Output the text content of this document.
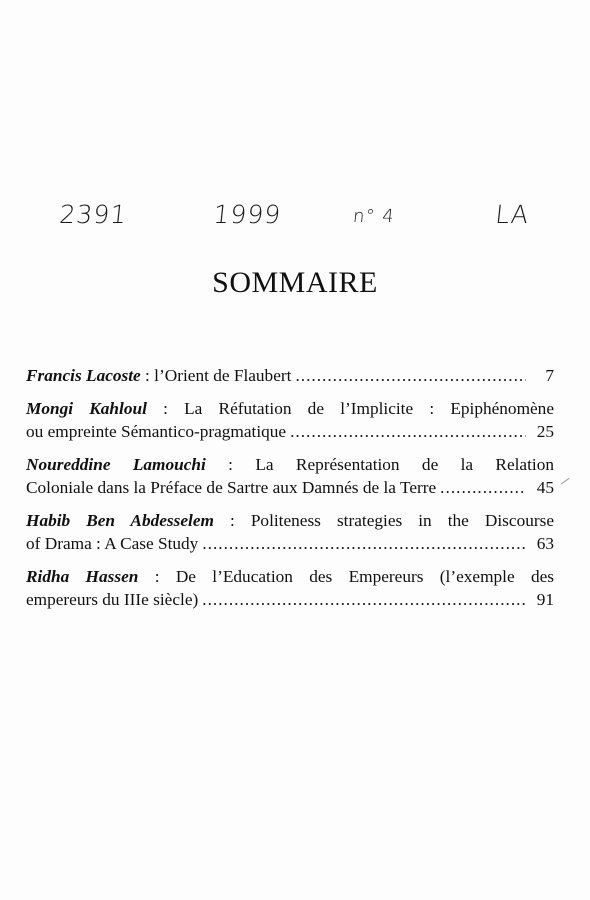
2391	1999	n° 4	LA
SOMMAIRE
Francis Lacoste : l’Orient de Flaubert .....	7
Mongi Kahloul : La Réfutation de l’Implicite : Epiphénomène
ou empreinte Sémantico-pragmatique .....	25
Noureddine Lamouchi : La Représentation de la Relation
Coloniale dans la Préface de Sartre aux Damnés de la Terre .....	45
Habib Ben Abdesselem : Politeness strategies in the Discourse
of Drama : A Case Study .....	63
Ridha Hassen : De l’Education des Empereurs (l’exemple des
empereurs du IIIe siècle) .....	91
